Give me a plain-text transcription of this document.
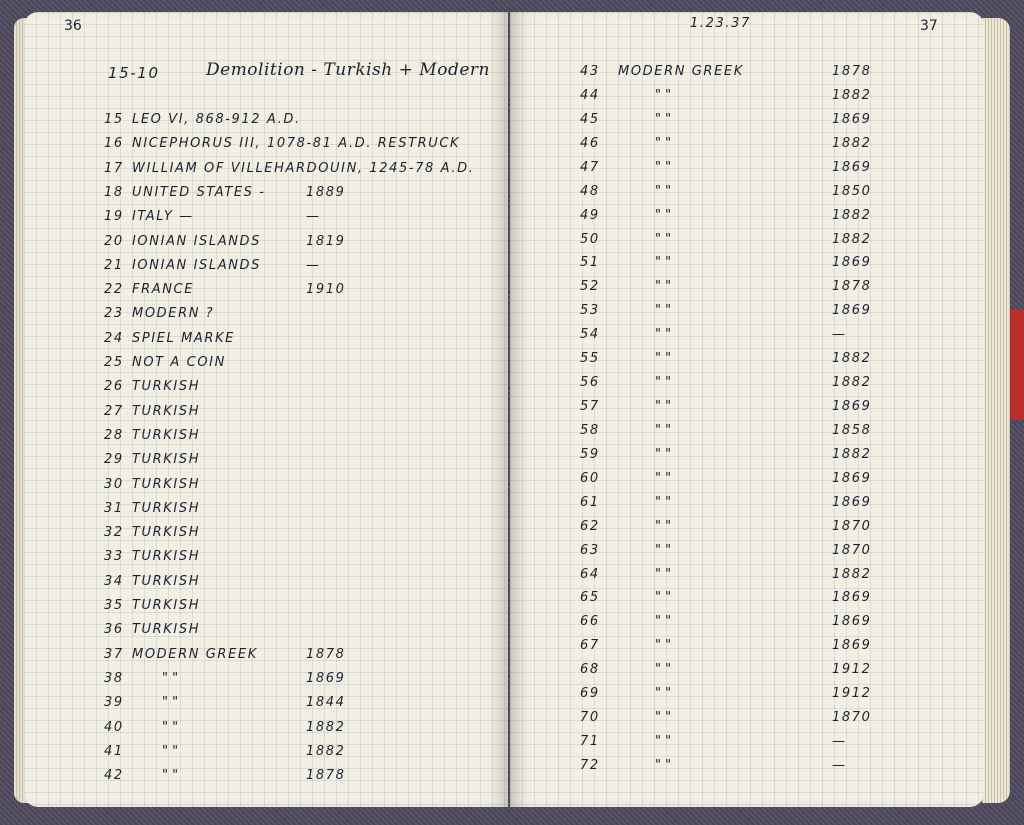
36
15-10	Demolition - Turkish + Modern
15 LEO VI, 868-912 A.D.
16 NICEPHORUS III, 1078-81 A.D. RESTRUCK
17 WILLIAM OF VILLEHARDOUIN, 1245-78 A.D.
18 UNITED STATES -	1889
19 ITALY —	—
20 IONIAN ISLANDS	1819
21 IONIAN ISLANDS	—
22 FRANCE	1910
23 MODERN ?
24 SPIEL MARKE
25 NOT A COIN
26 TURKISH
27 TURKISH
28 TURKISH
29 TURKISH
30 TURKISH
31 TURKISH
32 TURKISH
33 TURKISH
34 TURKISH
35 TURKISH
36 TURKISH
37 MODERN GREEK	1878
38	" "	1869
39	" "	1844
40	" "	1882
41	" "	1882
42	" "	1878
1.23.37	37
43 MODERN GREEK	1878
44	" "	1882
45	" "	1869
46	" "	1882
47	" "	1869
48	" "	1850
49	" "	1882
50	" "	1882
51	" "	1869
52	" "	1878
53	" "	1869
54	" "	—
55	" "	1882
56	" "	1882
57	" "	1869
58	" "	1858
59	" "	1882
60	" "	1869
61	" "	1869
62	" "	1870
63	" "	1870
64	" "	1882
65	" "	1869
66	" "	1869
67	" "	1869
68	" "	1912
69	" "	1912
70	" "	1870
71	" "	—
72	" "	—
